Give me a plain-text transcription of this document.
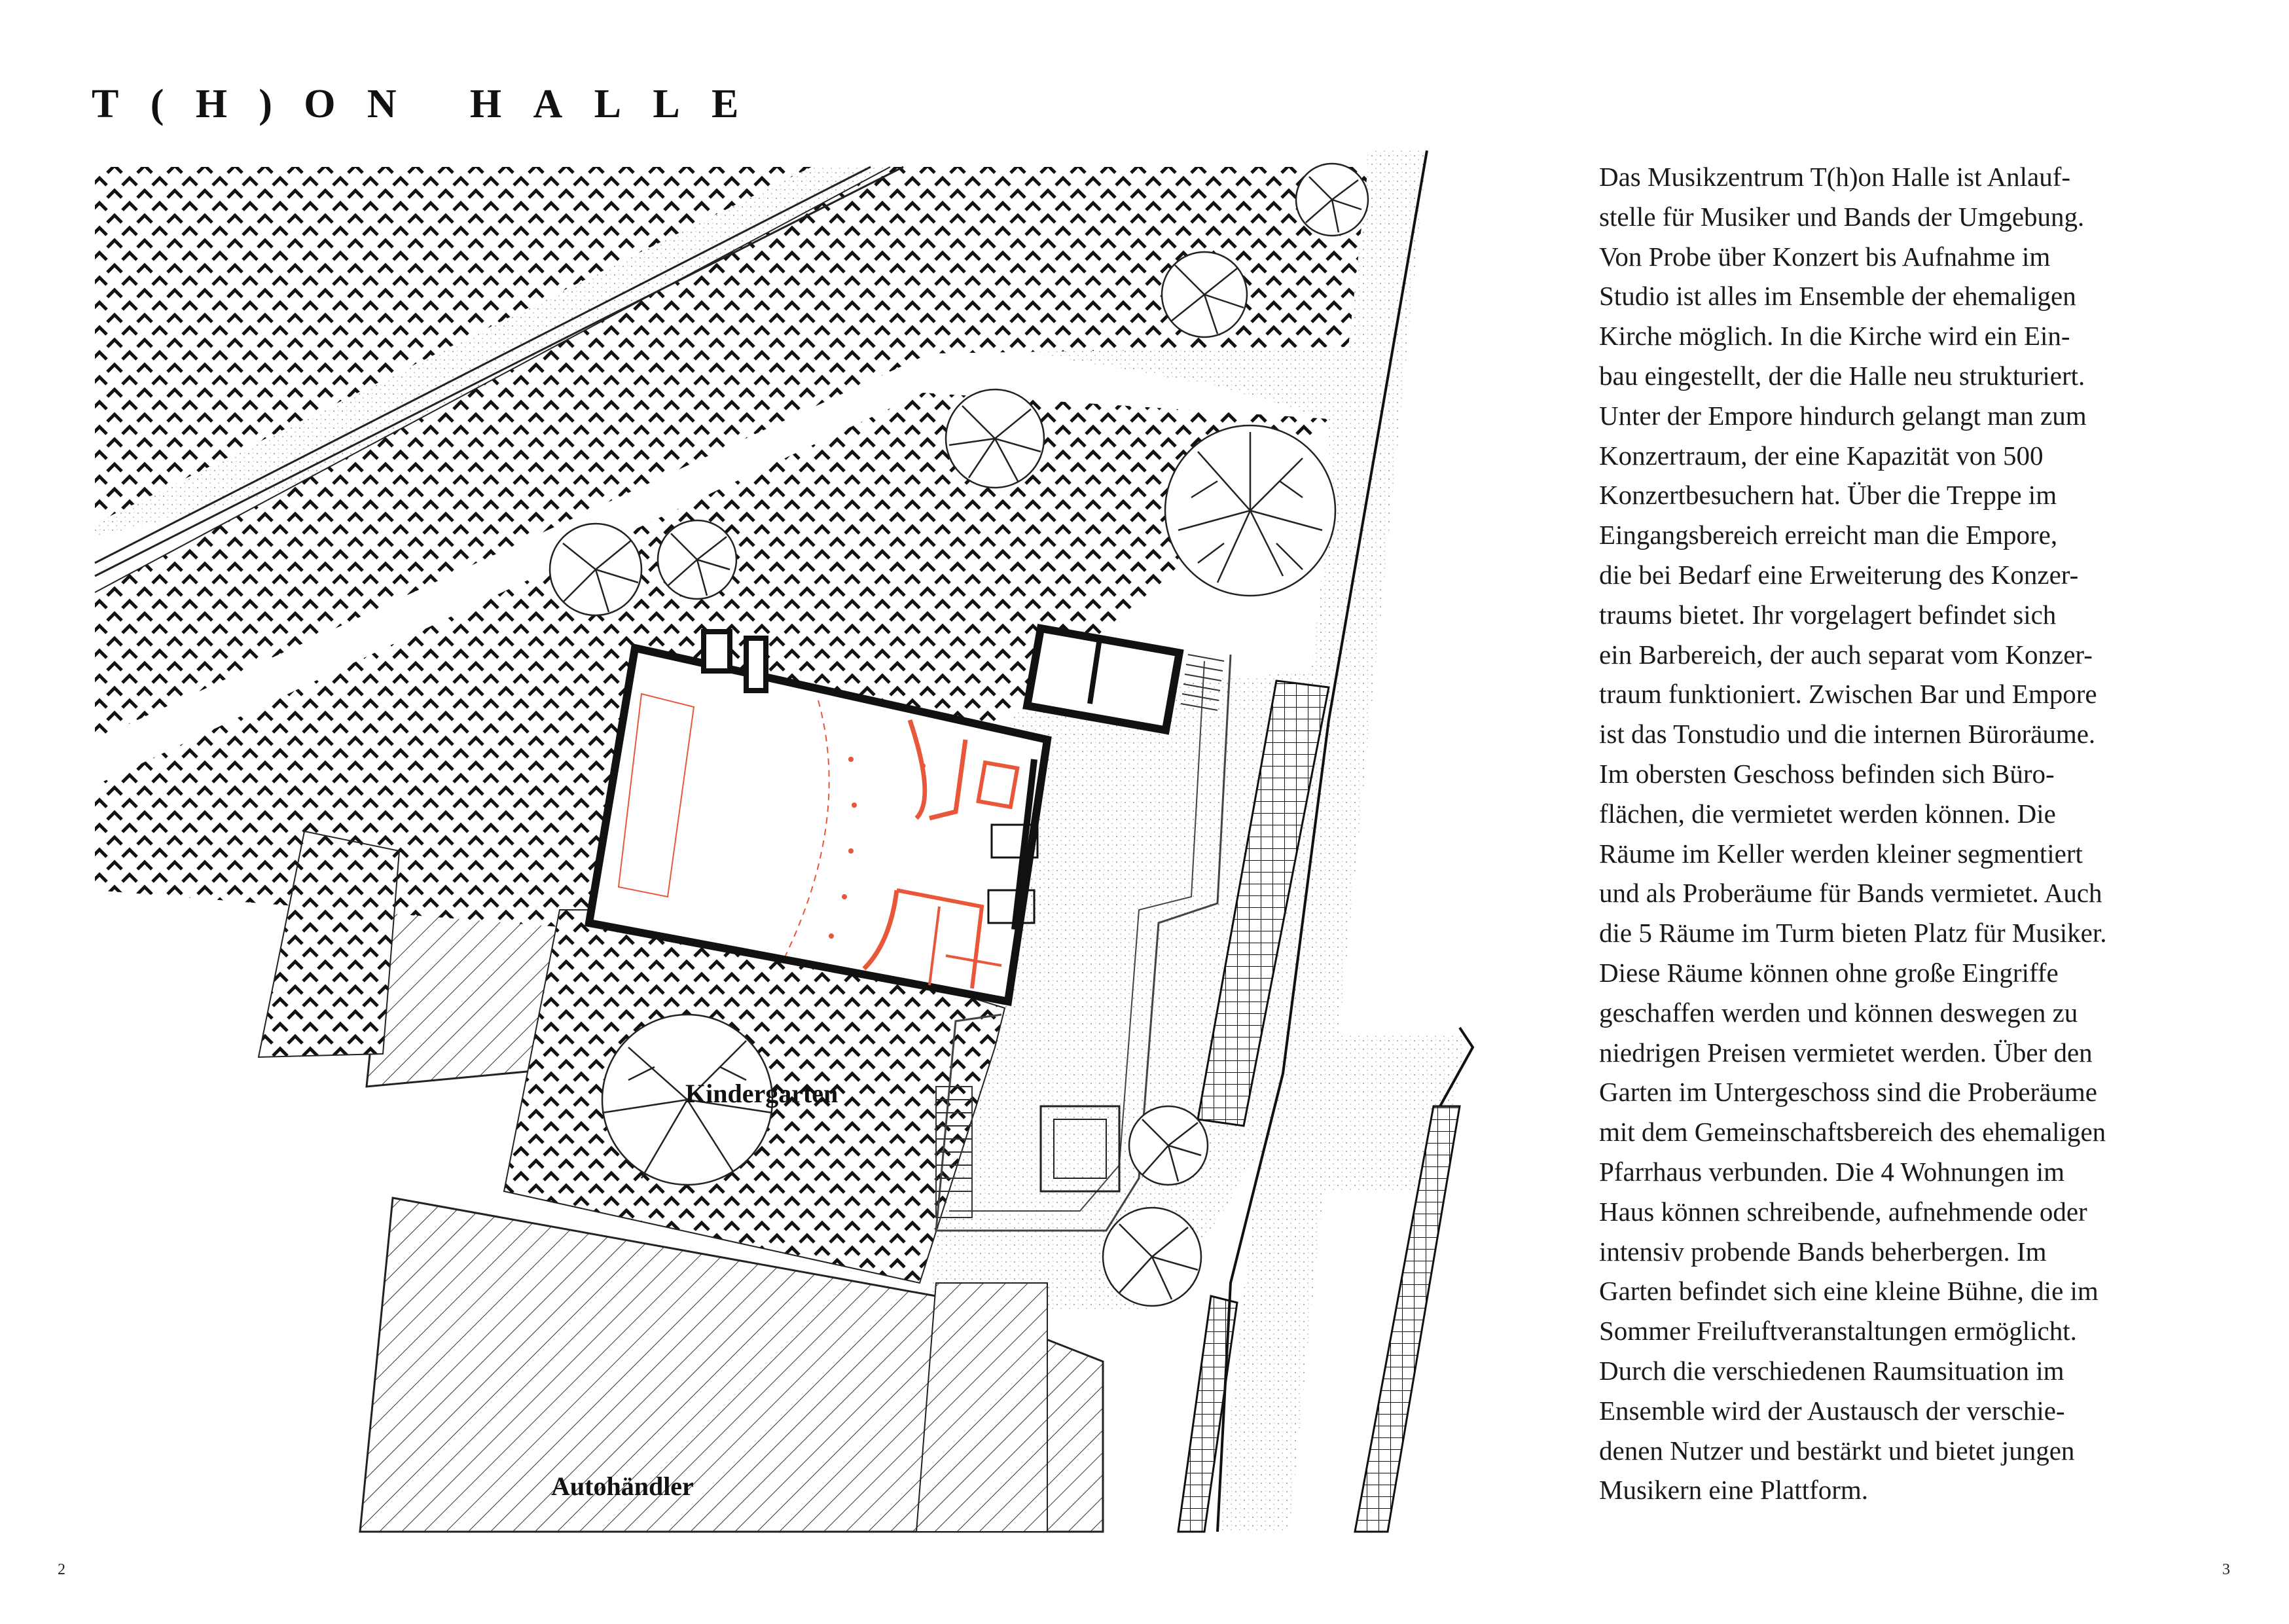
T(H)ON HALLE
Kindergarten
Autohändler

Das Musikzentrum T(h)on Halle ist Anlauf-

stelle für Musiker und Bands der Umgebung.

Von Probe über Konzert bis Aufnahme im

Studio ist alles im Ensemble der ehemaligen

Kirche möglich. In die Kirche wird ein Ein-

bau eingestellt, der die Halle neu strukturiert.

Unter der Empore hindurch gelangt man zum

Konzertraum, der eine Kapazität von 500

Konzertbesuchern hat. Über die Treppe im

Eingangsbereich erreicht man die Empore,

die bei Bedarf eine Erweiterung des Konzer-

traums bietet. Ihr vorgelagert befindet sich

ein Barbereich, der auch separat vom Konzer-

traum funktioniert. Zwischen Bar und Empore

ist das Tonstudio und die internen Büroräume.

Im obersten Geschoss befinden sich Büro-

flächen, die vermietet werden können. Die

Räume im Keller werden kleiner segmentiert

und als Proberäume für Bands vermietet. Auch

die 5 Räume im Turm bieten Platz für Musiker.

Diese Räume können ohne große Eingriffe

geschaffen werden und können deswegen zu

niedrigen Preisen vermietet werden. Über den

Garten im Untergeschoss sind die Proberäume

mit dem Gemeinschaftsbereich des ehemaligen

Pfarrhaus verbunden. Die 4 Wohnungen im

Haus können schreibende, aufnehmende oder

intensiv probende Bands beherbergen. Im

Garten befindet sich eine kleine Bühne, die im

Sommer Freiluftveranstaltungen ermöglicht.

Durch die verschiedenen Raumsituation im

Ensemble wird der Austausch der verschie-

denen Nutzer und bestärkt und bietet jungen

Musikern eine Plattform.

2	3
